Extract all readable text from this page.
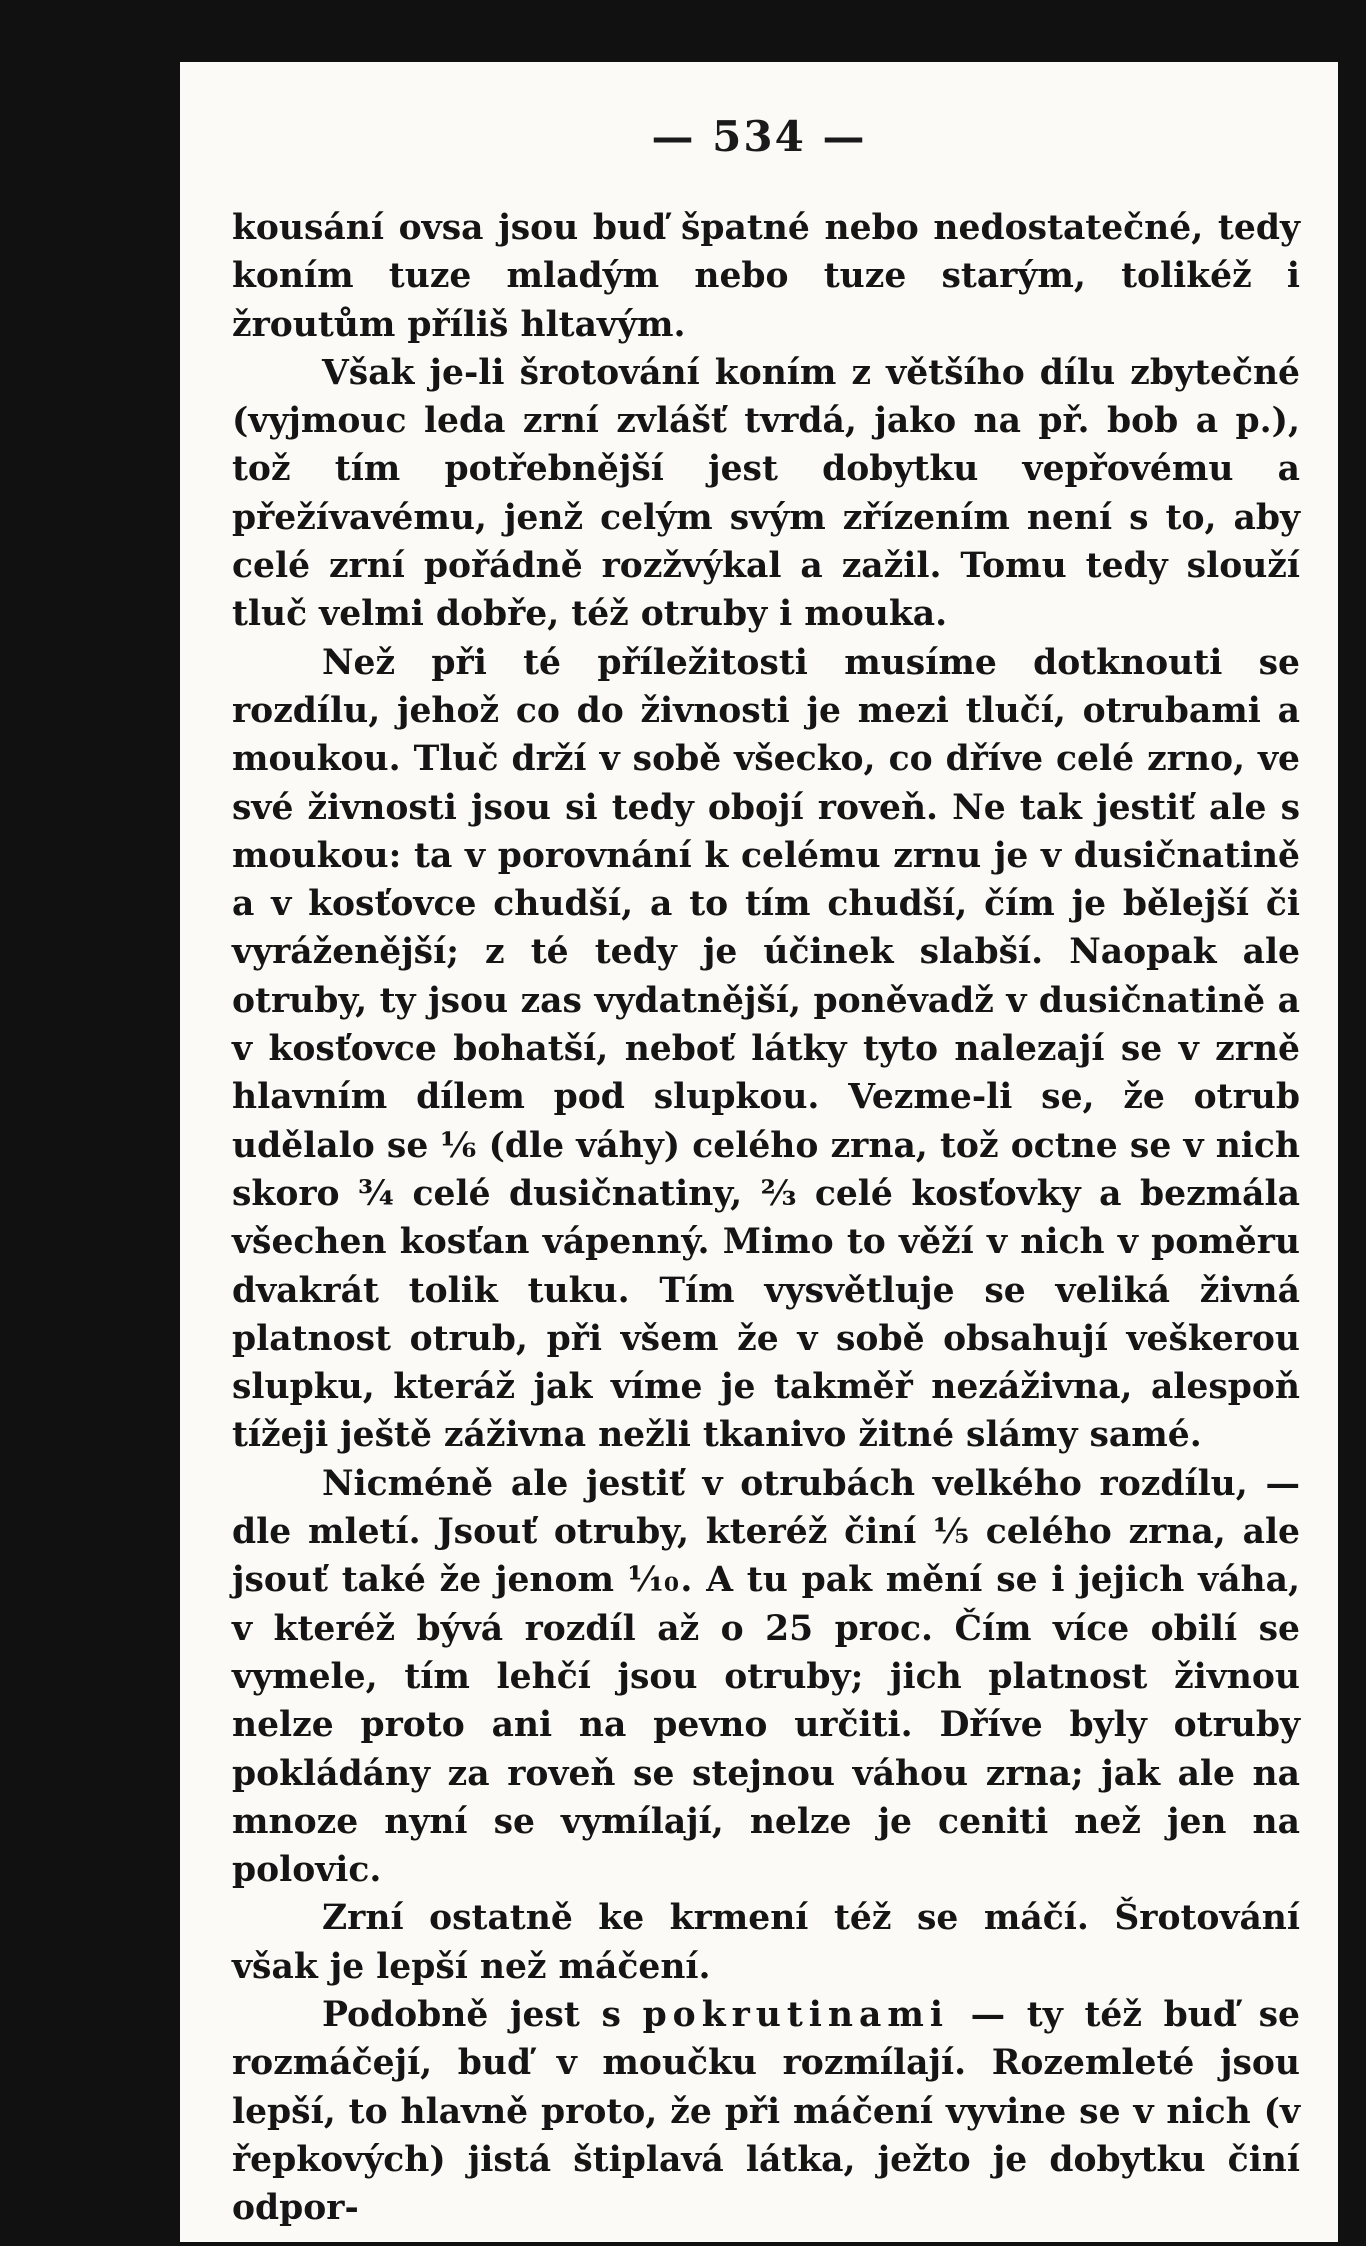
— 534 —

kousání ovsa jsou buď špatné nebo nedostatečné, tedy koním tuze mladým nebo tuze starým, tolikéž i žroutům příliš hltavým.

Však je-li šrotování koním z většího dílu zbytečné (vyjmouc leda zrní zvlášť tvrdá, jako na př. bob a p.), tož tím potřebnější jest dobytku vepřovému a přežívavému, jenž celým svým zřízením není s to, aby celé zrní pořádně rozžvýkal a zažil. Tomu tedy slouží tluč velmi dobře, též otruby i mouka.

Než při té příležitosti musíme dotknouti se rozdílu, jehož co do živnosti je mezi tlučí, otrubami a moukou. Tluč drží v sobě všecko, co dříve celé zrno, ve své živnosti jsou si tedy obojí roveň. Ne tak jestiť ale s moukou: ta v porovnání k celému zrnu je v dusičnatině a v kosťovce chudší, a to tím chudší, čím je bělejší či vyráženější; z té tedy je účinek slabší. Naopak ale otruby, ty jsou zas vydatnější, poněvadž v dusičnatině a v kosťovce bohatší, neboť látky tyto nalezají se v zrně hlavním dílem pod slupkou. Vezme-li se, že otrub udělalo se ⅙ (dle váhy) celého zrna, tož octne se v nich skoro ¾ celé dusičnatiny, ⅔ celé kosťovky a bezmála všechen kosťan vápenný. Mimo to věží v nich v poměru dvakrát tolik tuku. Tím vysvětluje se veliká živná platnost otrub, při všem že v sobě obsahují veškerou slupku, kteráž jak víme je takměř nezáživna, alespoň tížeji ještě záživna nežli tkanivo žitné slámy samé.

Nicméně ale jestiť v otrubách velkého rozdílu, — dle mletí. Jsouť otruby, kteréž činí ⅕ celého zrna, ale jsouť také že jenom ⅒. A tu pak mění se i jejich váha, v kteréž bývá rozdíl až o 25 proc. Čím více obilí se vymele, tím lehčí jsou otruby; jich platnost živnou nelze proto ani na pevno určiti. Dříve byly otruby pokládány za roveň se stejnou váhou zrna; jak ale na mnoze nyní se vymílají, nelze je ceniti než jen na polovic.

Zrní ostatně ke krmení též se máčí. Šrotování však je lepší než máčení.

Podobně jest s pokrutinami — ty též buď se rozmáčejí, buď v moučku rozmílají. Rozemleté jsou lepší, to hlavně proto, že při máčení vyvine se v nich (v řepkových) jistá štiplavá látka, ježto je dobytku činí odpor-
